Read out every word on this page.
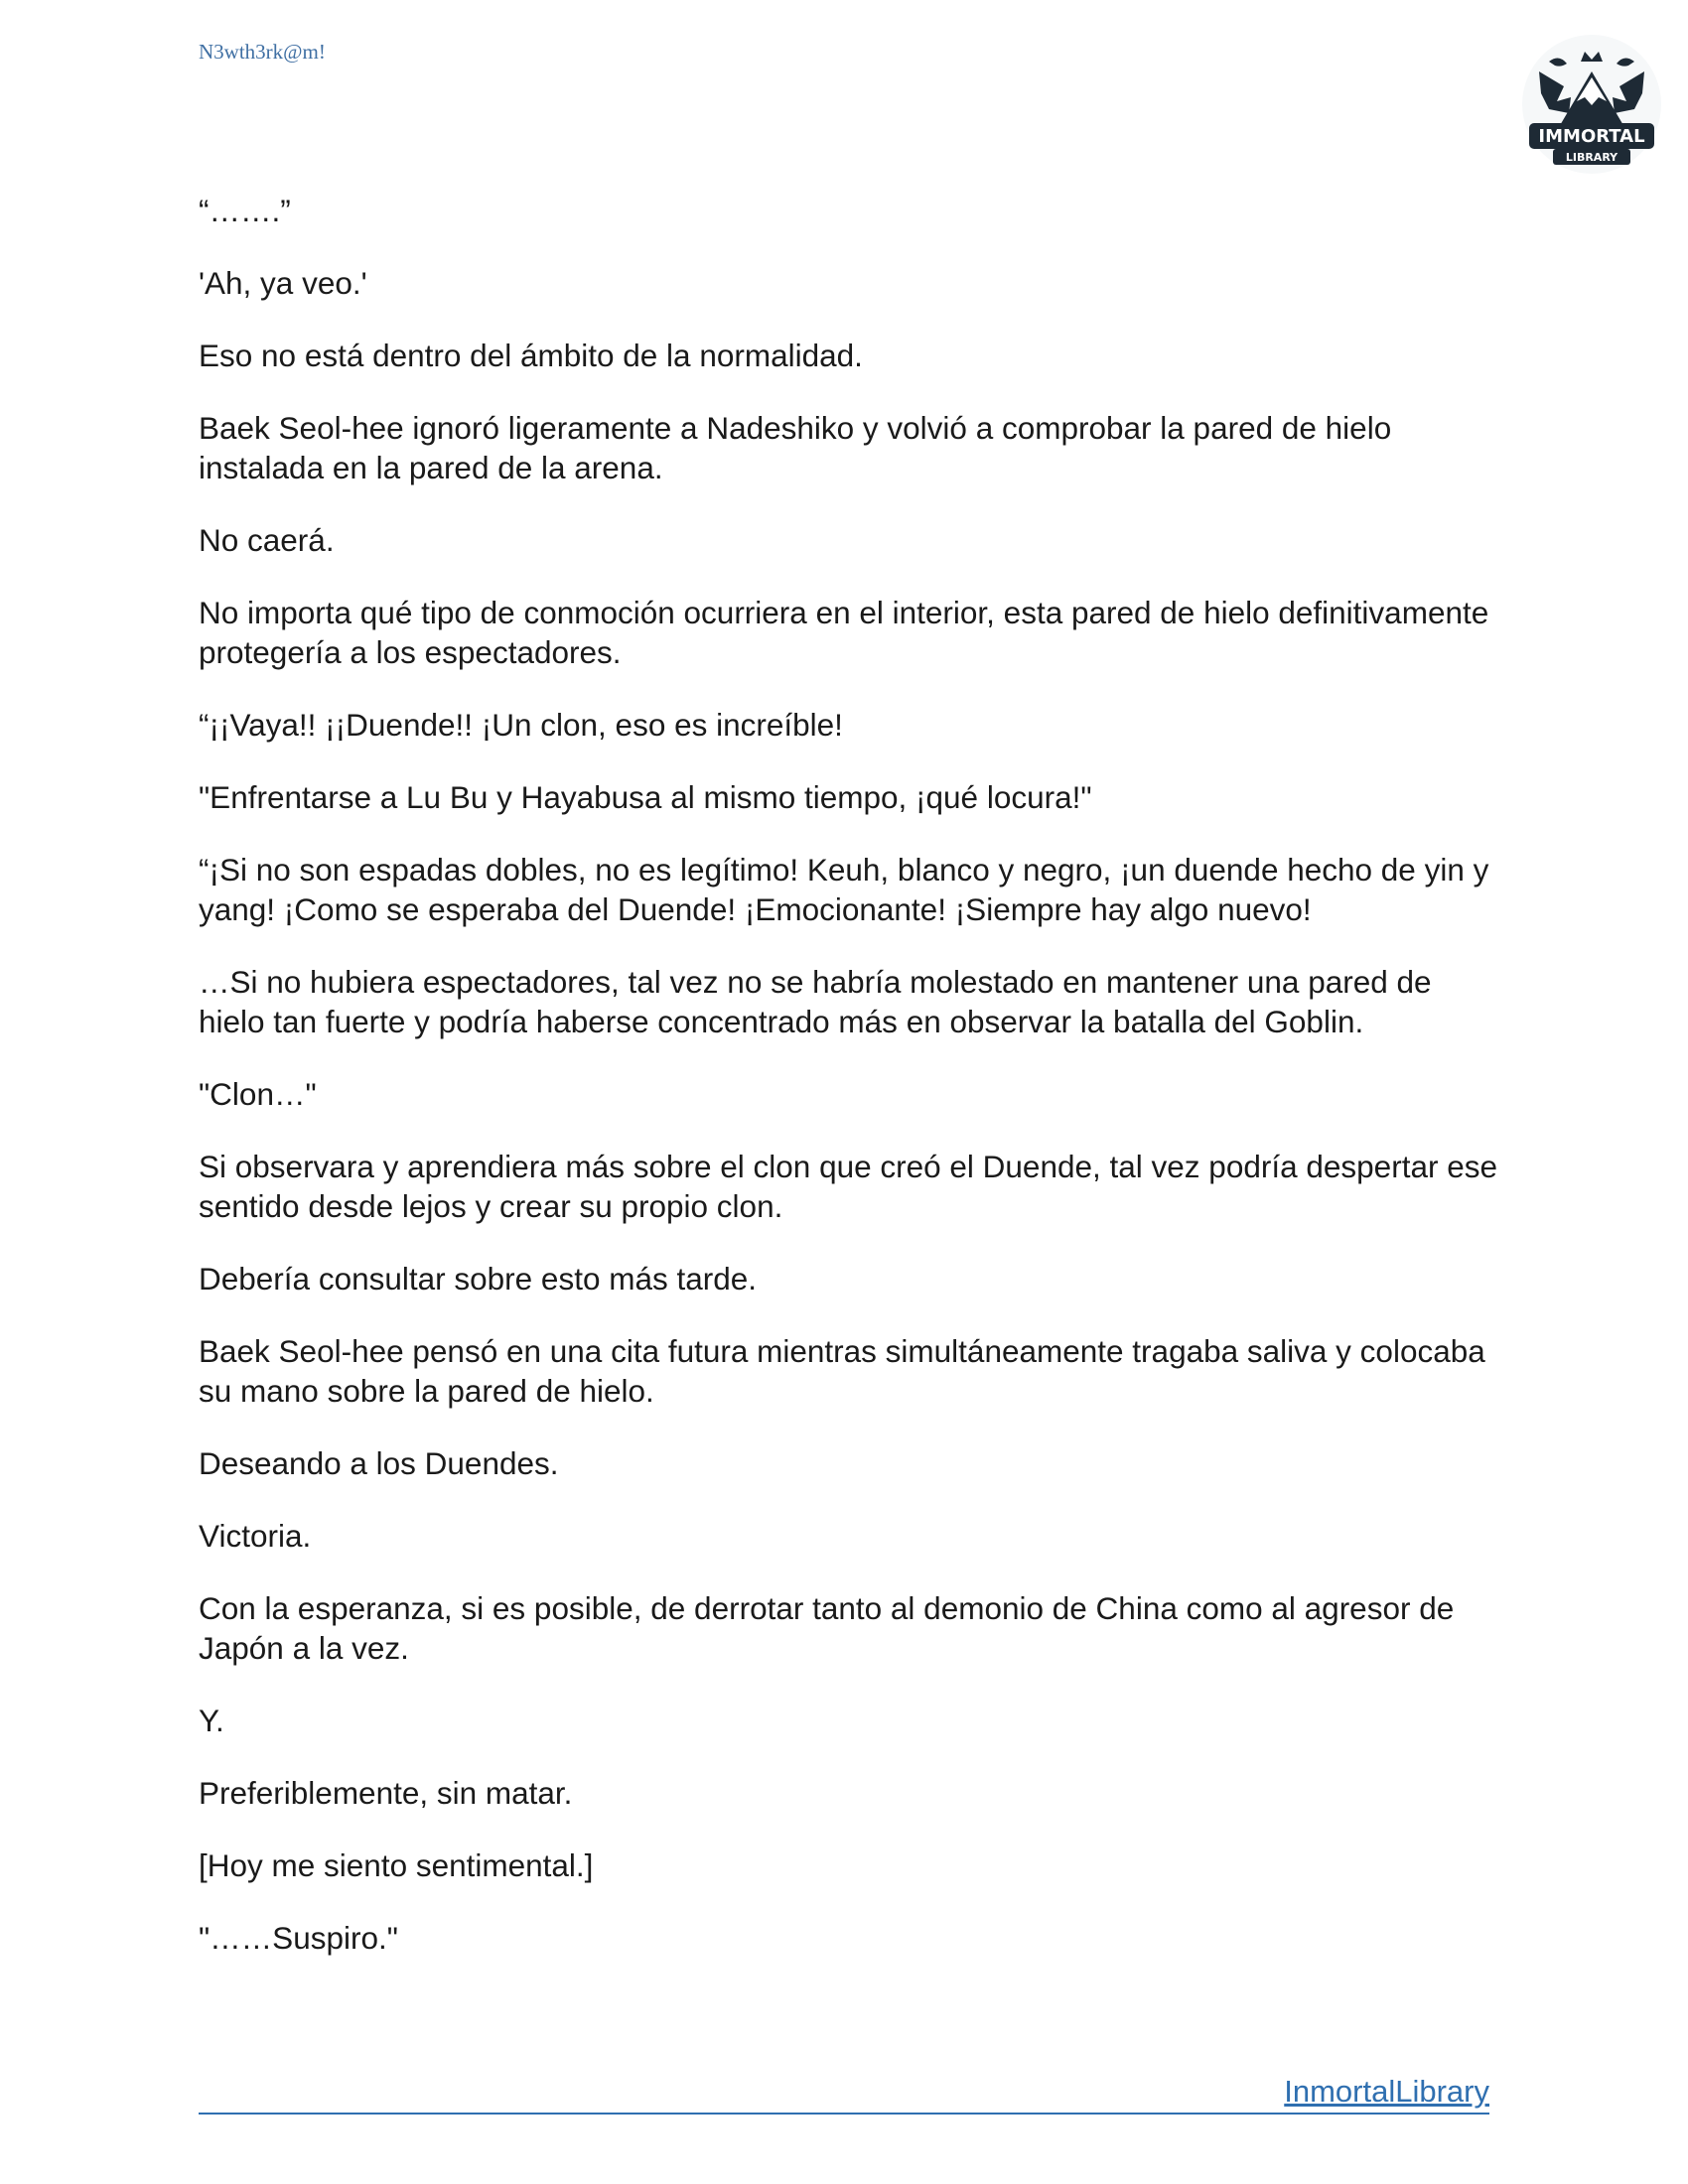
N3wth3rk@m!
IMMORTAL
LIBRARY

“…….”

'Ah, ya veo.'

Eso no está dentro del ámbito de la normalidad.

Baek Seol-hee ignoró ligeramente a Nadeshiko y volvió a comprobar la pared de hielo instalada en la pared de la arena.

No caerá.

No importa qué tipo de conmoción ocurriera en el interior, esta pared de hielo definitivamente protegería a los espectadores.

“¡¡Vaya!! ¡¡Duende!! ¡Un clon, eso es increíble!

"Enfrentarse a Lu Bu y Hayabusa al mismo tiempo, ¡qué locura!"

“¡Si no son espadas dobles, no es legítimo! Keuh, blanco y negro, ¡un duende hecho de yin y yang! ¡Como se esperaba del Duende! ¡Emocionante! ¡Siempre hay algo nuevo!

…Si no hubiera espectadores, tal vez no se habría molestado en mantener una pared de hielo tan fuerte y podría haberse concentrado más en observar la batalla del Goblin.

"Clon…"

Si observara y aprendiera más sobre el clon que creó el Duende, tal vez podría despertar ese sentido desde lejos y crear su propio clon.

Debería consultar sobre esto más tarde.

Baek Seol-hee pensó en una cita futura mientras simultáneamente tragaba saliva y colocaba su mano sobre la pared de hielo.

Deseando a los Duendes.

Victoria.

Con la esperanza, si es posible, de derrotar tanto al demonio de China como al agresor de Japón a la vez.

Y.

Preferiblemente, sin matar.

[Hoy me siento sentimental.]

"……Suspiro."

InmortalLibrary
